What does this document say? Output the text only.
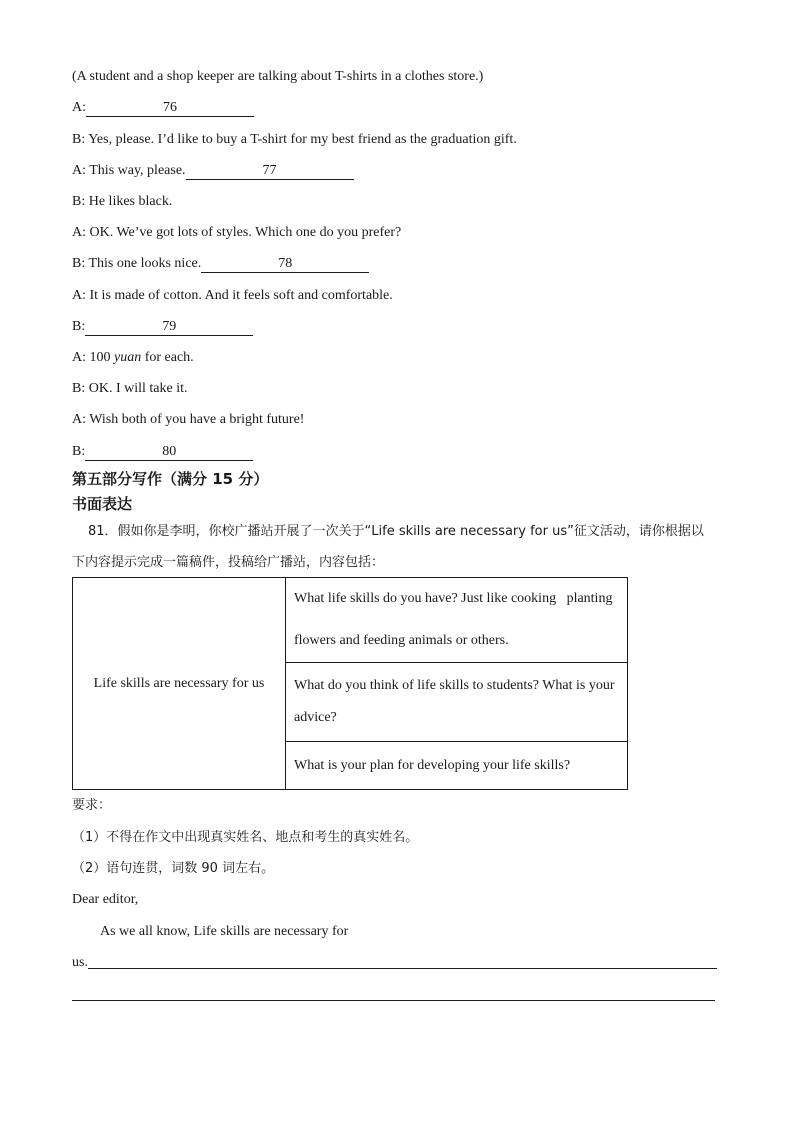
(A student and a shop keeper are talking about T-shirts in a clothes store.)
A:	76
B: Yes, please. I’d like to buy a T-shirt for my best friend as the graduation gift.
A: This way, please.	77
B: He likes black.
A: OK. We’ve got lots of styles. Which one do you prefer?
B: This one looks nice.	78
A: It is made of cotton. And it feels soft and comfortable.
B:	79
A: 100 yuan for each.
B: OK. I will take it.
A: Wish both of you have a bright future!
B:	80
第五部分写作（满分 15 分）
书面表达
81．假如你是李明，你校广播站开展了一次关于“Life skills are necessary for us”征文活动，请你根据以
下内容提示完成一篇稿件，投稿给广播站，内容包括：
Life skills are necessary for us	
What life skills do you have? Just like cooking   planting
flowers and feeding animals or others.

What do you think of life skills to students? What is your
advice?

What is your plan for developing your life skills?
要求：
（1）不得在作文中出现真实姓名、地点和考生的真实姓名。
（2）语句连贯，词数 90 词左右。
Dear editor,
As we all know, Life skills are necessary for
us.
